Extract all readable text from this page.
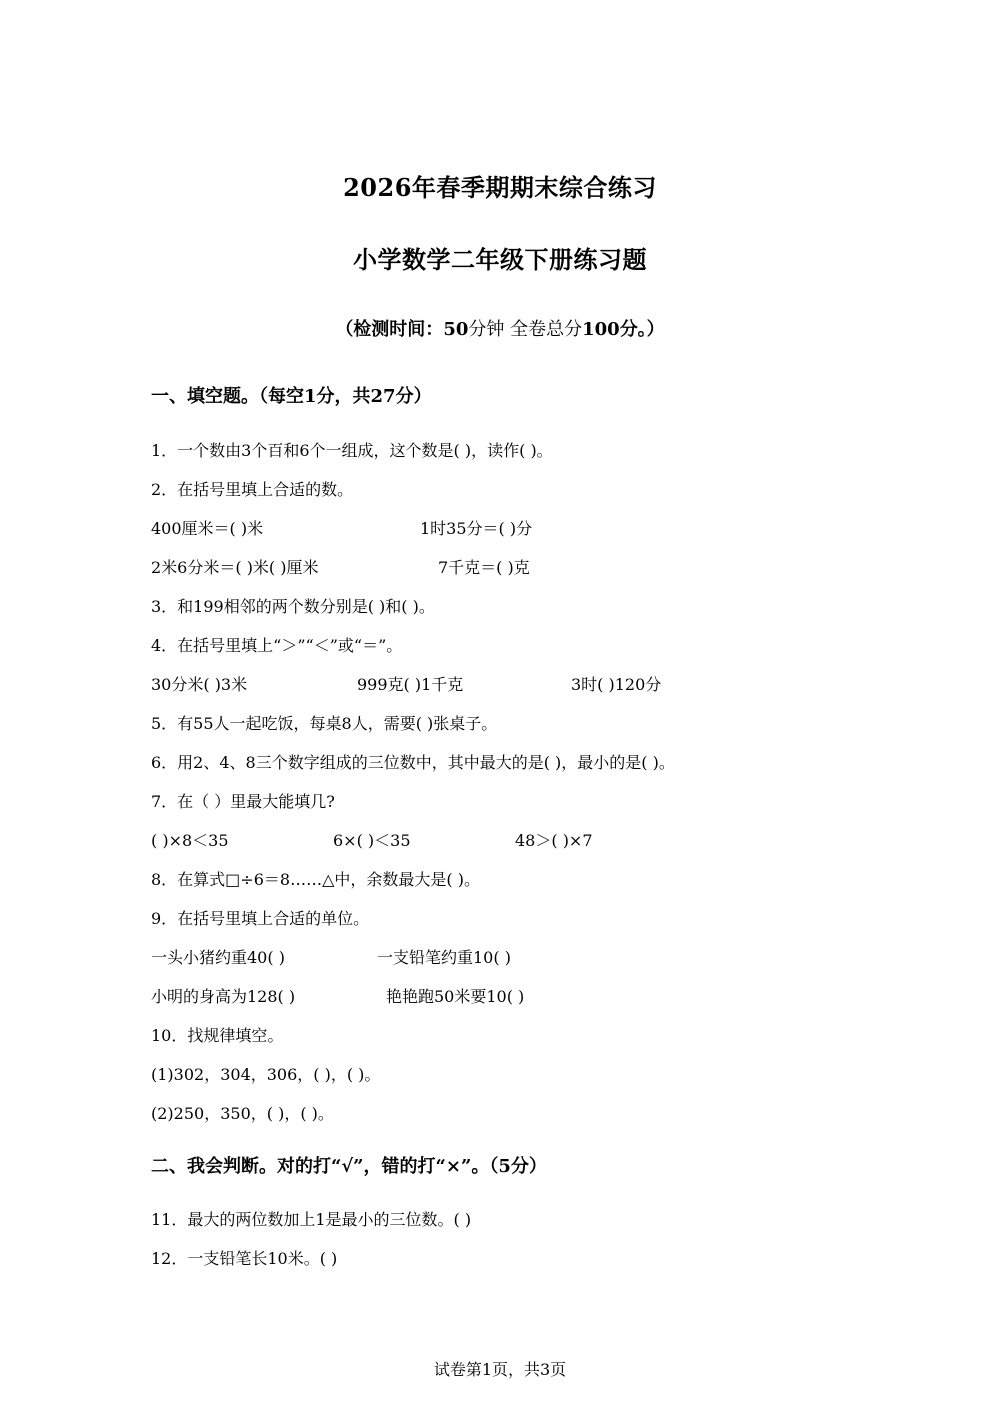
2026年春季期期末综合练习
小学数学二年级下册练习题
（检测时间：50分钟 全卷总分100分。）
一、填空题。（每空1分，共27分）
1．一个数由3个百和6个一组成，这个数是( )，读作( )。
2．在括号里填上合适的数。
400厘米＝( )米	1时35分＝( )分
2米6分米＝( )米( )厘米	7千克＝( )克
3．和199相邻的两个数分别是( )和( )。
4．在括号里填上“＞”“＜”或“＝”。
30分米( )3米	999克( )1千克	3时( )120分
5．有55人一起吃饭，每桌8人，需要( )张桌子。
6．用2、4、8三个数字组成的三位数中，其中最大的是( )，最小的是( )。
7．在（ ）里最大能填几?
( )×8＜35	6×( )＜35	48＞( )×7
8．在算式□÷6＝8……△中，余数最大是( )。
9．在括号里填上合适的单位。
一头小猪约重40( )	一支铅笔约重10( )
小明的身高为128( )	艳艳跑50米要10( )
10．找规律填空。
(1)302，304，306，( )，( )。
(2)250，350，( )，( )。
二、我会判断。对的打“√”，错的打“×”。（5分）
11．最大的两位数加上1是最小的三位数。( )
12．一支铅笔长10米。( )
试卷第1页，共3页
